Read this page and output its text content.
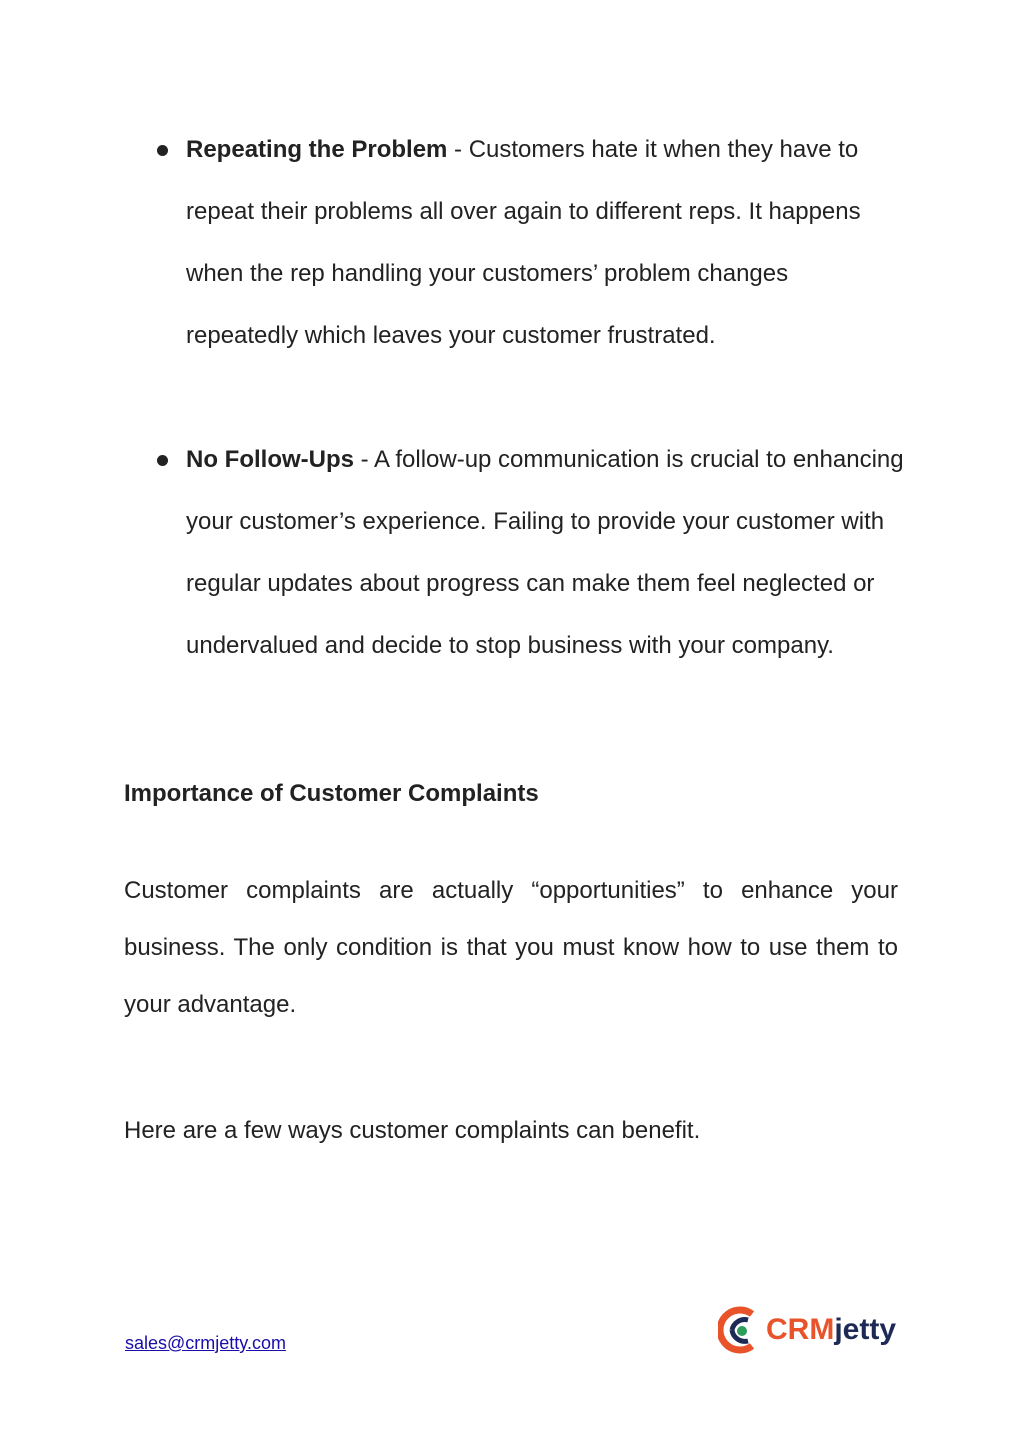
Repeating the Problem - Customers hate it when they have to repeat their problems all over again to different reps. It happens when the rep handling your customers’ problem changes repeatedly which leaves your customer frustrated.
No Follow-Ups - A follow-up communication is crucial to enhancing your customer’s experience. Failing to provide your customer with regular updates about progress can make them feel neglected or undervalued and decide to stop business with your company.
Importance of Customer Complaints

Customer complaints are actually “opportunities” to enhance your business. The only condition is that you must know how to use them to your advantage.

Here are a few ways customer complaints can benefit.

sales@crmjetty.com	CRMjetty
